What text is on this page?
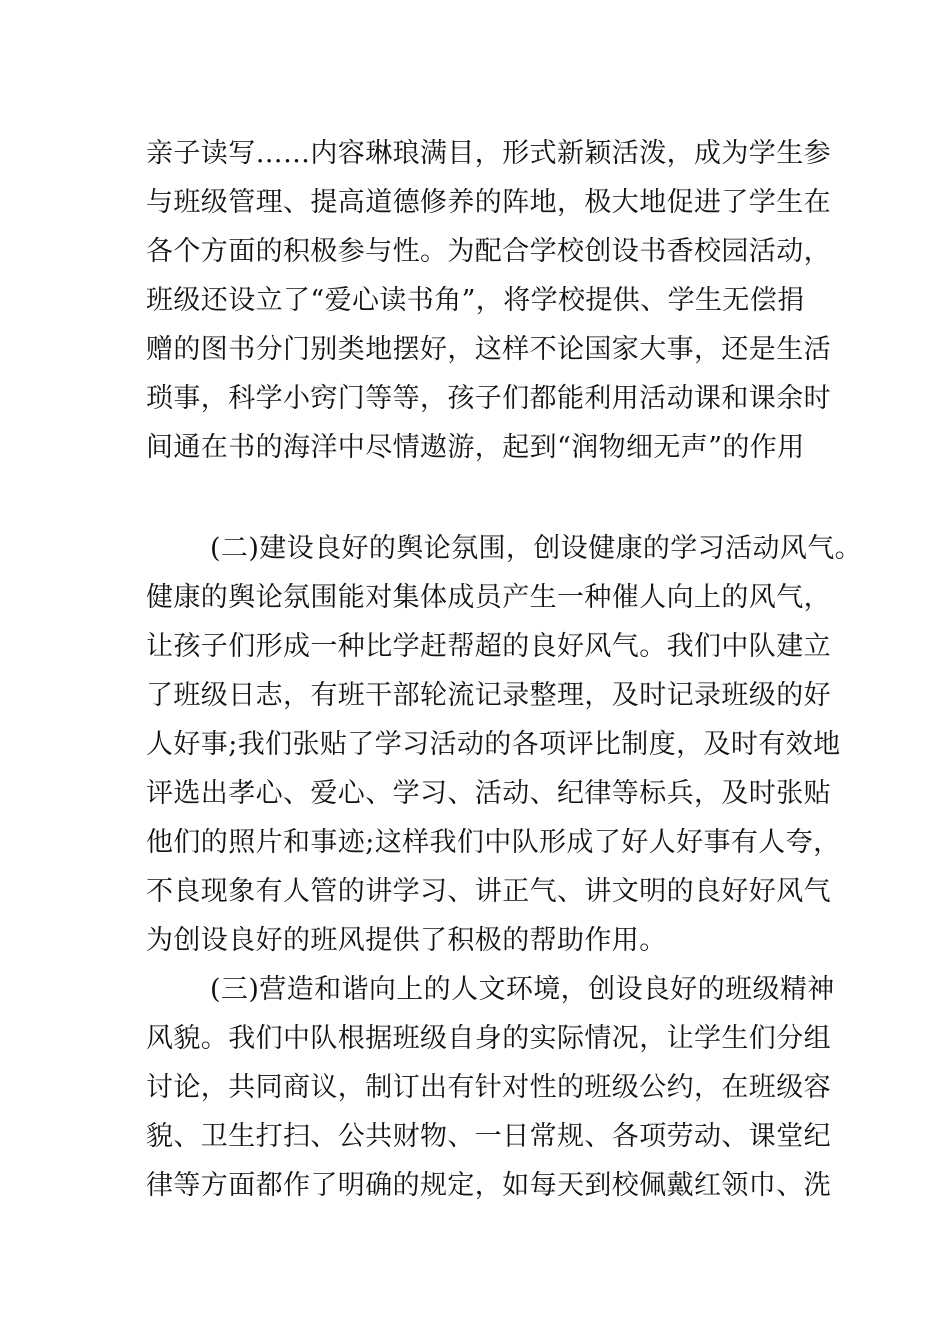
亲子读写……内容琳琅满目，形式新颖活泼，成为学生参
与班级管理、提高道德修养的阵地，极大地促进了学生在
各个方面的积极参与性。为配合学校创设书香校园活动，
班级还设立了“爱心读书角”，将学校提供、学生无偿捐
赠的图书分门别类地摆好，这样不论国家大事，还是生活
琐事，科学小窍门等等，孩子们都能利用活动课和课余时
间通在书的海洋中尽情遨游，起到“润物细无声”的作用
(二)建设良好的舆论氛围，创设健康的学习活动风气。
健康的舆论氛围能对集体成员产生一种催人向上的风气，
让孩子们形成一种比学赶帮超的良好风气。我们中队建立
了班级日志，有班干部轮流记录整理，及时记录班级的好
人好事;我们张贴了学习活动的各项评比制度，及时有效地
评选出孝心、爱心、学习、活动、纪律等标兵，及时张贴
他们的照片和事迹;这样我们中队形成了好人好事有人夸，
不良现象有人管的讲学习、讲正气、讲文明的良好好风气
为创设良好的班风提供了积极的帮助作用。
(三)营造和谐向上的人文环境，创设良好的班级精神
风貌。我们中队根据班级自身的实际情况，让学生们分组
讨论，共同商议，制订出有针对性的班级公约，在班级容
貌、卫生打扫、公共财物、一日常规、各项劳动、课堂纪
律等方面都作了明确的规定，如每天到校佩戴红领巾、洗
